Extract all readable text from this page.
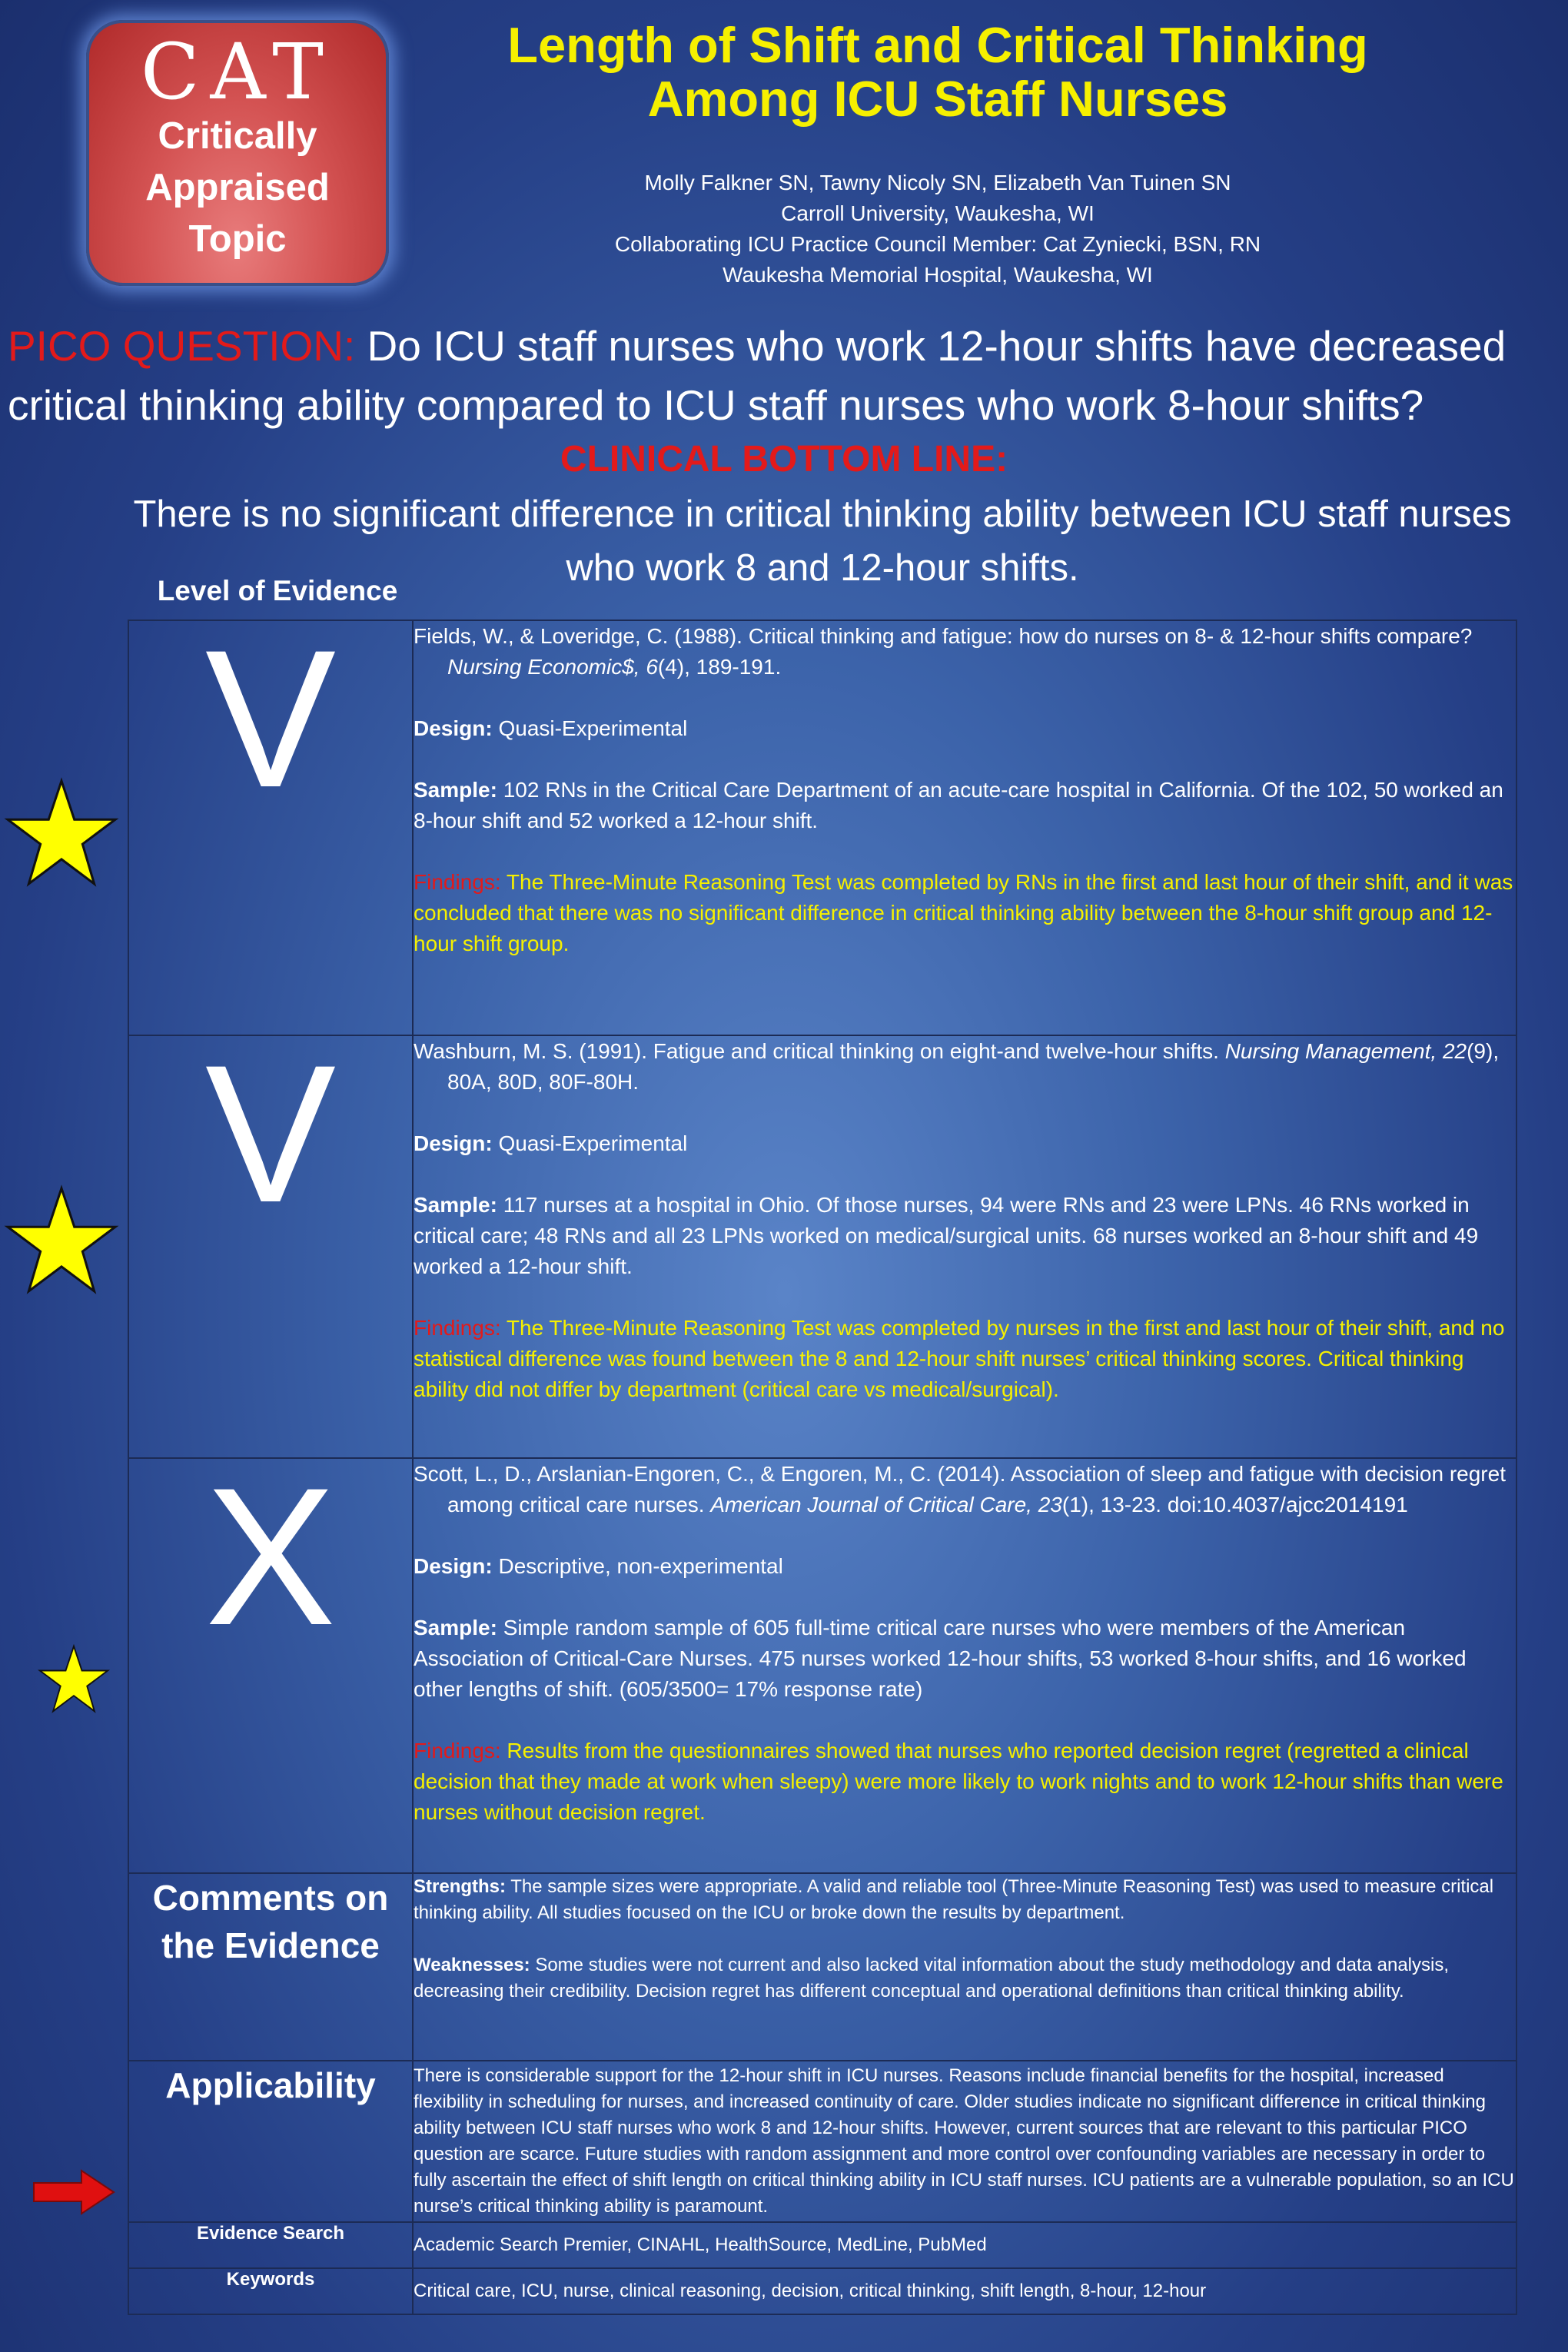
CAT
Critically
Appraised
Topic
Length of Shift and Critical Thinking
Among ICU Staff Nurses
Molly Falkner SN, Tawny Nicoly SN, Elizabeth Van Tuinen SN
Carroll University, Waukesha, WI
Collaborating ICU Practice Council Member: Cat Zyniecki, BSN, RN
Waukesha Memorial Hospital, Waukesha, WI
PICO QUESTION: Do ICU staff nurses who work 12-hour shifts have decreased critical thinking ability compared to ICU staff nurses who work 8-hour shifts?
CLINICAL BOTTOM LINE:
There is no significant difference in critical thinking ability between ICU staff nurses who work 8 and 12-hour shifts.
Level of Evidence
V	Fields, W., & Loveridge, C. (1988). Critical thinking and fatigue: how do nurses on 8- & 12-hour shifts compare? Nursing Economic$, 6(4), 189-191.

Design: Quasi-Experimental

Sample: 102 RNs in the Critical Care Department of an acute-care hospital in California. Of the 102, 50 worked an 8-hour shift and 52 worked a 12-hour shift.

Findings: The Three-Minute Reasoning Test was completed by RNs in the first and last hour of their shift, and it was concluded that there was no significant difference in critical thinking ability between the 8-hour shift group and 12-hour shift group.

V	Washburn, M. S. (1991). Fatigue and critical thinking on eight-and twelve-hour shifts. Nursing Management, 22(9), 80A, 80D, 80F-80H.

Design: Quasi-Experimental

Sample: 117 nurses at a hospital in Ohio. Of those nurses, 94 were RNs and 23 were LPNs. 46 RNs worked in critical care; 48 RNs and all 23 LPNs worked on medical/surgical units. 68 nurses worked an 8-hour shift and 49 worked a 12-hour shift.

Findings: The Three-Minute Reasoning Test was completed by nurses in the first and last hour of their shift, and no statistical difference was found between the 8 and 12-hour shift nurses’ critical thinking scores. Critical thinking ability did not differ by department (critical care vs medical/surgical).

X	Scott, L., D., Arslanian-Engoren, C., & Engoren, M., C. (2014). Association of sleep and fatigue with decision regret among critical care nurses. American Journal of Critical Care, 23(1), 13-23. doi:10.4037/ajcc2014191

Design: Descriptive, non-experimental

Sample: Simple random sample of 605 full-time critical care nurses who were members of the American Association of Critical-Care Nurses. 475 nurses worked 12-hour shifts, 53 worked 8-hour shifts, and 16 worked other lengths of shift. (605/3500= 17% response rate)

Findings: Results from the questionnaires showed that nurses who reported decision regret (regretted a clinical decision that they made at work when sleepy) were more likely to work nights and to work 12-hour shifts than were nurses without decision regret.

Comments on the Evidence	Strengths: The sample sizes were appropriate. A valid and reliable tool (Three-Minute Reasoning Test) was used to measure critical thinking ability. All studies focused on the ICU or broke down the results by department.

Weaknesses: Some studies were not current and also lacked vital information about the study methodology and data analysis, decreasing their credibility. Decision regret has different conceptual and operational definitions than critical thinking ability.

Applicability	There is considerable support for the 12-hour shift in ICU nurses. Reasons include financial benefits for the hospital, increased flexibility in scheduling for nurses, and increased continuity of care. Older studies indicate no significant difference in critical thinking ability between ICU staff nurses who work 8 and 12-hour shifts. However, current sources that are relevant to this particular PICO question are scarce. Future studies with random assignment and more control over confounding variables are necessary in order to fully ascertain the effect of shift length on critical thinking ability in ICU staff nurses. ICU patients are a vulnerable population, so an ICU nurse’s critical thinking ability is paramount.

Evidence Search	Academic Search Premier, CINAHL, HealthSource, MedLine, PubMed

Keywords	Critical care, ICU, nurse, clinical reasoning, decision, critical thinking, shift length, 8-hour, 12-hour
